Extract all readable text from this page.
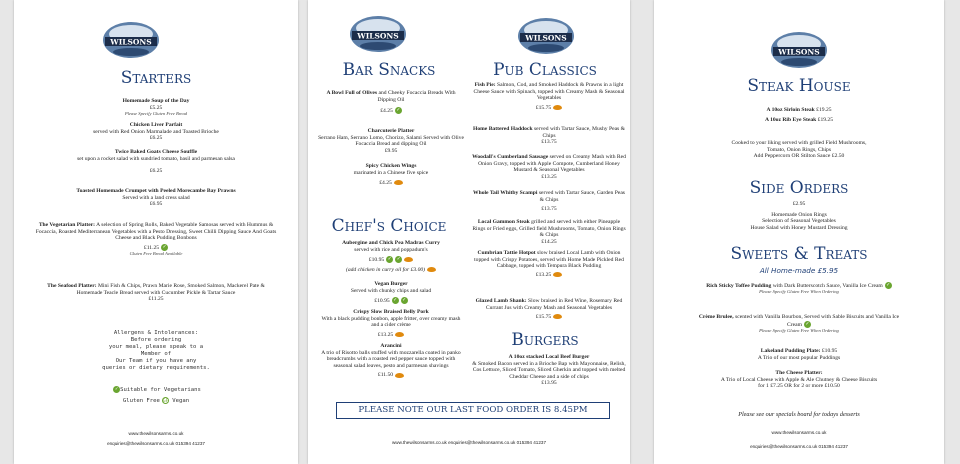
WILSONS
Starters
Homemade Soup of the Day
£5.25
Please Specify Gluten Free Bread
Chicken Liver Parfait
served with Red Onion Marmalade and Toasted Brioche
£6.25
Twice Baked Goats Cheese Souffle
set upon a rocket salad with sundried tomato, basil and parmesan salsa
£6.25
Toasted Homemade Crumpet with Peeled Morecambe Bay Prawns
Served with a land cress salad
£6.95
The Vegetarian Platter: A selection of Spring Rolls, Baked Vegetable Samosas served with Hummus & Focaccia, Roasted Mediterranean Vegetables with a Pesto Dressing, Sweet Chilli Dipping Sauce And Goats Cheese and Black Pudding Bonbons
£11.25 ✓
Gluten Free Bread Available
The Seafood Platter: Mini Fish & Chips, Prawn Marie Rose, Smoked Salmon, Mackerel Pate & Homemade Teacle Bread served with Cucumber Pickle & Tartar Sauce
£11.25
Allergens & Intolerances:
Before ordering
your meal, please speak to a
Member of
Our Team if you have any
queries or dietary requirements.
✓ Suitable for Vegetarians
Gluten Free GF Vegan
www.thewilsonsarms.co.uk
enquiries@thewilsonsarms.co.uk 015394 41237
WILSONS	WILSONS
Bar Snacks
A Bowl Full of Olives and Cheeky Focaccia Breads With Dipping Oil
£4.25 ✓
Charcuterie Platter
Serrano Ham, Serrano Lomo, Chorizo, Salami Served with Olive Focaccia Bread and dipping Oil
£9.95
Spicy Chicken Wings
marinated in a Chinese five spice
£4.25
Chef's Choice
Aubergine and Chick Pea Madras Curry
served with rice and poppadum's
£10.95 ✓ ✓
(add chicken in curry oil for £3.00)
Vegan Burger
Served with chunky chips and salad
£10.95 ✓ ✓
Crispy Slow Braised Belly Pork
With a black pudding bonbon, apple fritter, over creamy mash and a cider crème
£13.25
Arancini
A trio of Risotto balls stuffed with mozzarella coated in panko breadcrumbs with a roasted red pepper sauce topped with seasonal salad leaves, pesto and parmesan shavings
£11.50
Pub Classics
Fish Pie: Salmon, Cod, and Smoked Haddock & Prawns in a light Cheese Sauce with Spinach, topped with Creamy Mash & Seasonal Vegetables
£15.75
Home Battered Haddock served with Tartar Sauce, Mushy Peas & Chips
£13.75
Woodall's Cumberland Sausage served on Creamy Mash with Red Onion Gravy, topped with Apple Compote, Cumberland Honey Mustard & Seasonal Vegetables
£13.25
Whole Tail Whitby Scampi served with Tartar Sauce, Garden Peas & Chips
£13.75
Local Gammon Steak grilled and served with either Pineapple Rings or Fried eggs, Grilled field Mushrooms, Tomato, Onion Rings & Chips
£14.25
Cumbrian Tattie Hotpot slow braised Local Lamb with Onion topped with Crispy Potatoes, served with Home Made Pickled Red Cabbage, topped with Tempura Black Pudding
£13.25
Glazed Lamb Shank: Slow braised in Red Wine, Rosemary Red Currant Jus with Creamy Mash and Seasonal Vegetables
£15.75
Burgers
A 10oz stacked Local Beef Burger
& Smoked Bacon served in a Brioche Bap with Mayonnaise, Relish, Cos Lettuce, Sliced Tomato, Sliced Gherkin and topped with melted Cheddar Cheese and a side of chips
£13.95
PLEASE NOTE OUR LAST FOOD ORDER IS 8.45PM
www.thewilsonsarms.co.uk enquiries@thewilsonsarms.co.uk 015394 41237
WILSONS
Steak House
A 10oz Sirloin Steak £19.25
A 10oz Rib Eye Steak £19.25
Cooked to your liking served with grilled Field Mushrooms, Tomato, Onion Rings, Chips
Add Peppercorn OR Stilton Sauce £2.50
Side Orders
£2.95
Homemade Onion Rings
Selection of Seasonal Vegetables
House Salad with Honey Mustard Dressing
Sweets & Treats
All Home-made £5.95
Rich Sticky Toffee Pudding with Dark Butterscotch Sauce, Vanilla Ice Cream ✓
Please Specify Gluten Free When Ordering
Crème Brulee, scented with Vanilla Bourbon, Served with Sable Biscuits and Vanilla Ice Cream ✓
Please Specify Gluten Free When Ordering
Lakeland Pudding Plate: £10.95
A Trio of our most popular Puddings
The Cheese Platter:
A Trio of Local Cheese with Apple & Ale Chutney & Cheese Biscuits
for 1 £7.25 OR for 2 or more £10.50
Please see our specials board for todays desserts
www.thewilsonsarms.co.uk
enquiries@thewilsonsarms.co.uk 015394 41237
